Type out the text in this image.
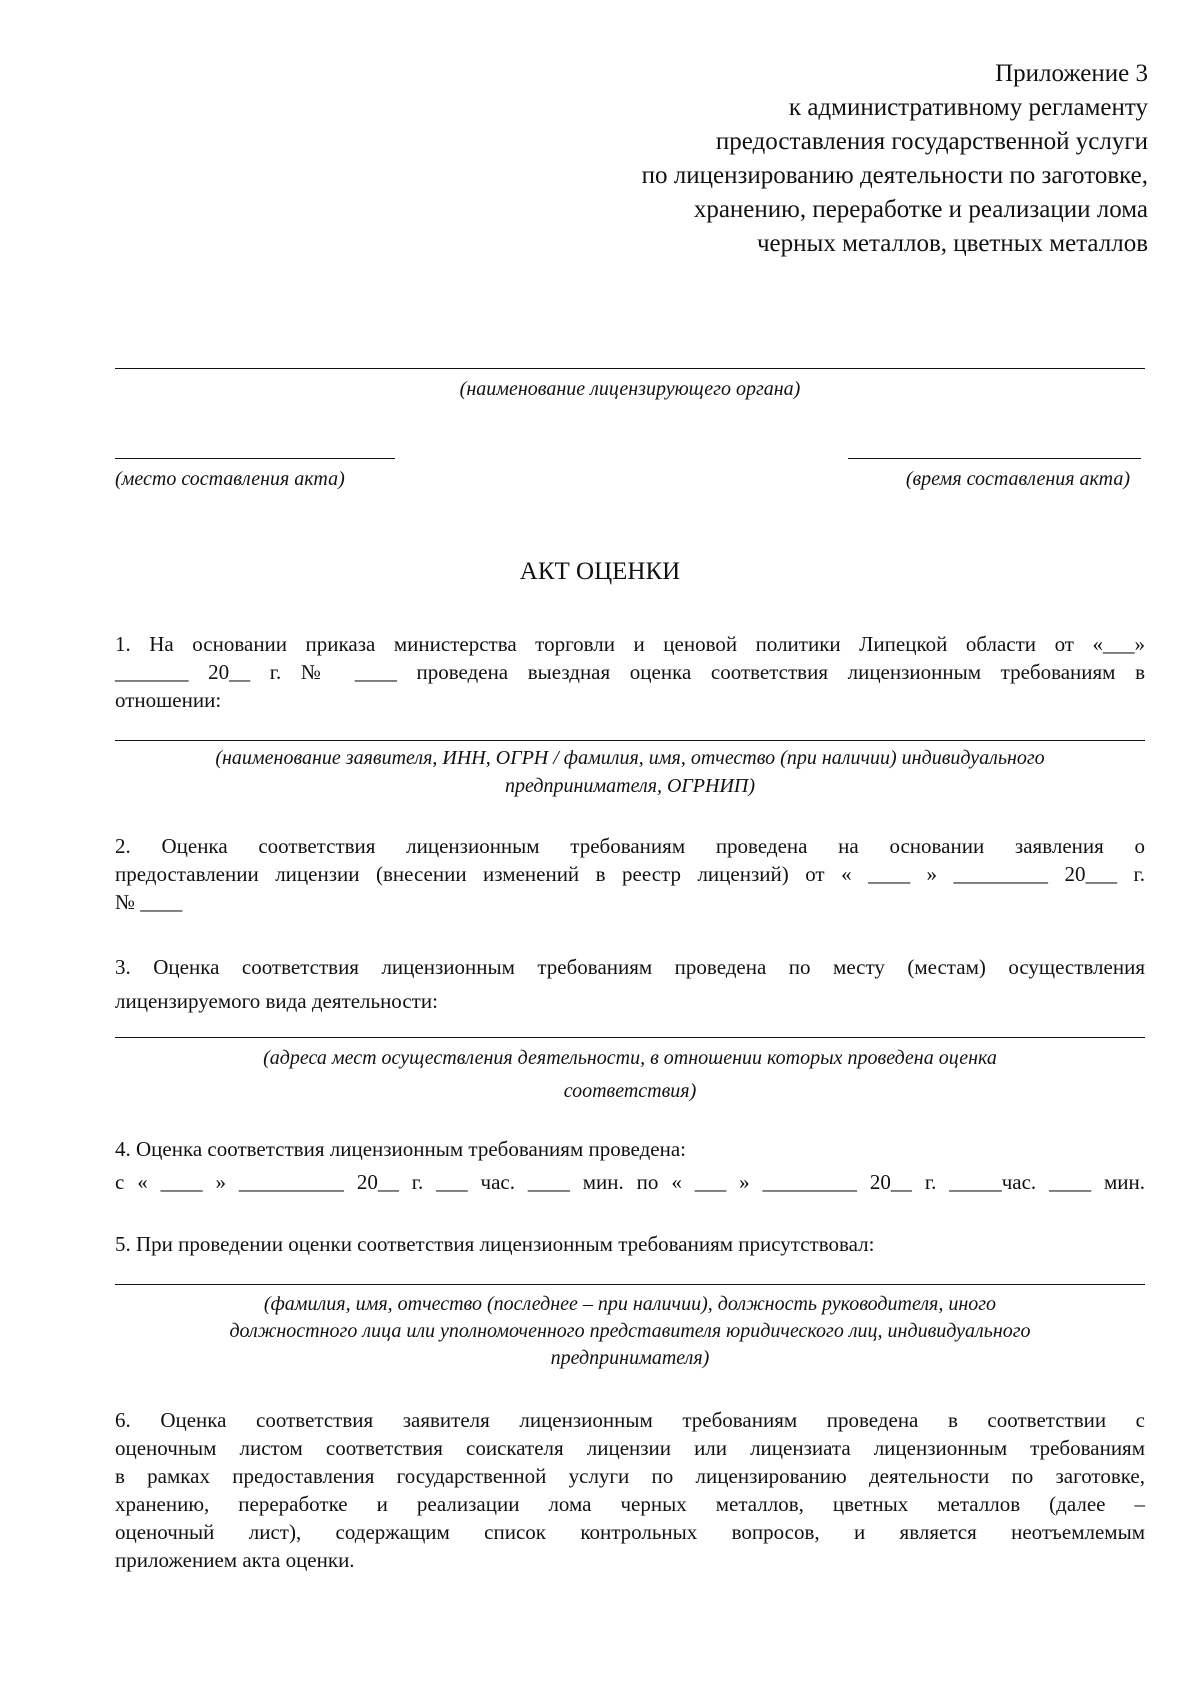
Приложение 3
к административному регламенту
предоставления государственной услуги
по лицензированию деятельности по заготовке,
хранению, переработке и реализации лома
черных металлов, цветных металлов
(наименование лицензирующего органа)
(место составления акта)	(время составления акта)
АКТ ОЦЕНКИ
1. На основании приказа министерства торговли и ценовой политики Липецкой области от «___»
_______ 20__ г. № ____ проведена выездная оценка соответствия лицензионным требованиям в
отношении:
(наименование заявителя, ИНН, ОГРН / фамилия, имя, отчество (при наличии) индивидуального
предпринимателя, ОГРНИП)
2. Оценка соответствия лицензионным требованиям проведена на основании заявления о
предоставлении лицензии (внесении изменений в реестр лицензий) от « ____ » _________ 20___ г.
№ ____
3. Оценка соответствия лицензионным требованиям проведена по месту (местам) осуществления
лицензируемого вида деятельности:
(адреса мест осуществления деятельности, в отношении которых проведена оценка
соответствия)
4. Оценка соответствия лицензионным требованиям проведена:
с « ____ » __________ 20__ г. ___ час. ____ мин. по « ___ » _________ 20__ г. _____час. ____ мин.
5. При проведении оценки соответствия лицензионным требованиям присутствовал:
(фамилия, имя, отчество (последнее – при наличии), должность руководителя, иного
должностного лица или уполномоченного представителя юридического лиц, индивидуального
предпринимателя)
6. Оценка соответствия заявителя лицензионным требованиям проведена в соответствии с
оценочным листом соответствия соискателя лицензии или лицензиата лицензионным требованиям
в рамках предоставления государственной услуги по лицензированию деятельности по заготовке,
хранению, переработке и реализации лома черных металлов, цветных металлов (далее –
оценочный лист), содержащим список контрольных вопросов, и является неотъемлемым
приложением акта оценки.
